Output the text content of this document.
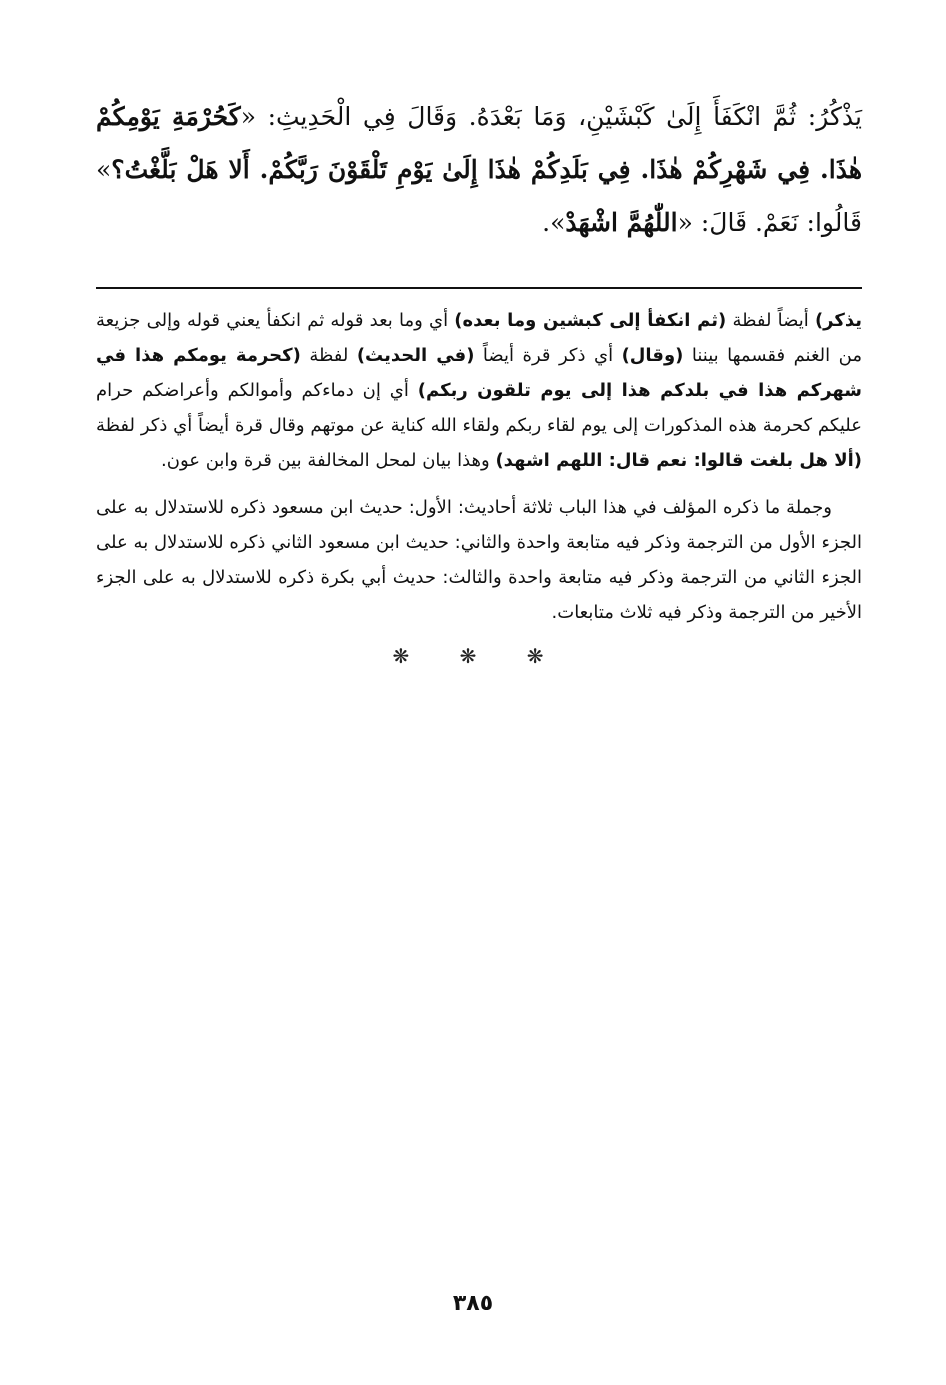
يَذْكُرُ: ثُمَّ انْكَفَأَ إِلَىٰ كَبْشَيْنِ، وَمَا بَعْدَهُ. وَقَالَ فِي الْحَدِيثِ: «كَحُرْمَةِ يَوْمِكُمْ هٰذَا. فِي شَهْرِكُمْ هٰذَا. فِي بَلَدِكُمْ هٰذَا إِلَىٰ يَوْمِ تَلْقَوْنَ رَبَّكُمْ. أَلا هَلْ بَلَّغْتُ؟» قَالُوا: نَعَمْ. قَالَ: «اللّٰهُمَّ اشْهَدْ».

يذكر) أيضاً لفظة (ثم انكفأ إلى كبشين وما بعده) أي وما بعد قوله ثم انكفأ يعني قوله وإلى جزيعة من الغنم فقسمها بيننا (وقال) أي ذكر قرة أيضاً (في الحديث) لفظة (كحرمة يومكم هذا في شهركم هذا في بلدكم هذا إلى يوم تلقون ربكم) أي إن دماءكم وأموالكم وأعراضكم حرام عليكم كحرمة هذه المذكورات إلى يوم لقاء ربكم ولقاء الله كناية عن موتهم وقال قرة أيضاً أي ذكر لفظة (ألا هل بلغت قالوا: نعم قال: اللهم اشهد) وهذا بيان لمحل المخالفة بين قرة وابن عون.

وجملة ما ذكره المؤلف في هذا الباب ثلاثة أحاديث: الأول: حديث ابن مسعود ذكره للاستدلال به على الجزء الأول من الترجمة وذكر فيه متابعة واحدة والثاني: حديث ابن مسعود الثاني ذكره للاستدلال به على الجزء الثاني من الترجمة وذكر فيه متابعة واحدة والثالث: حديث أبي بكرة ذكره للاستدلال به على الجزء الأخير من الترجمة وذكر فيه ثلاث متابعات.

❋ ❋ ❋
٣٨٥
